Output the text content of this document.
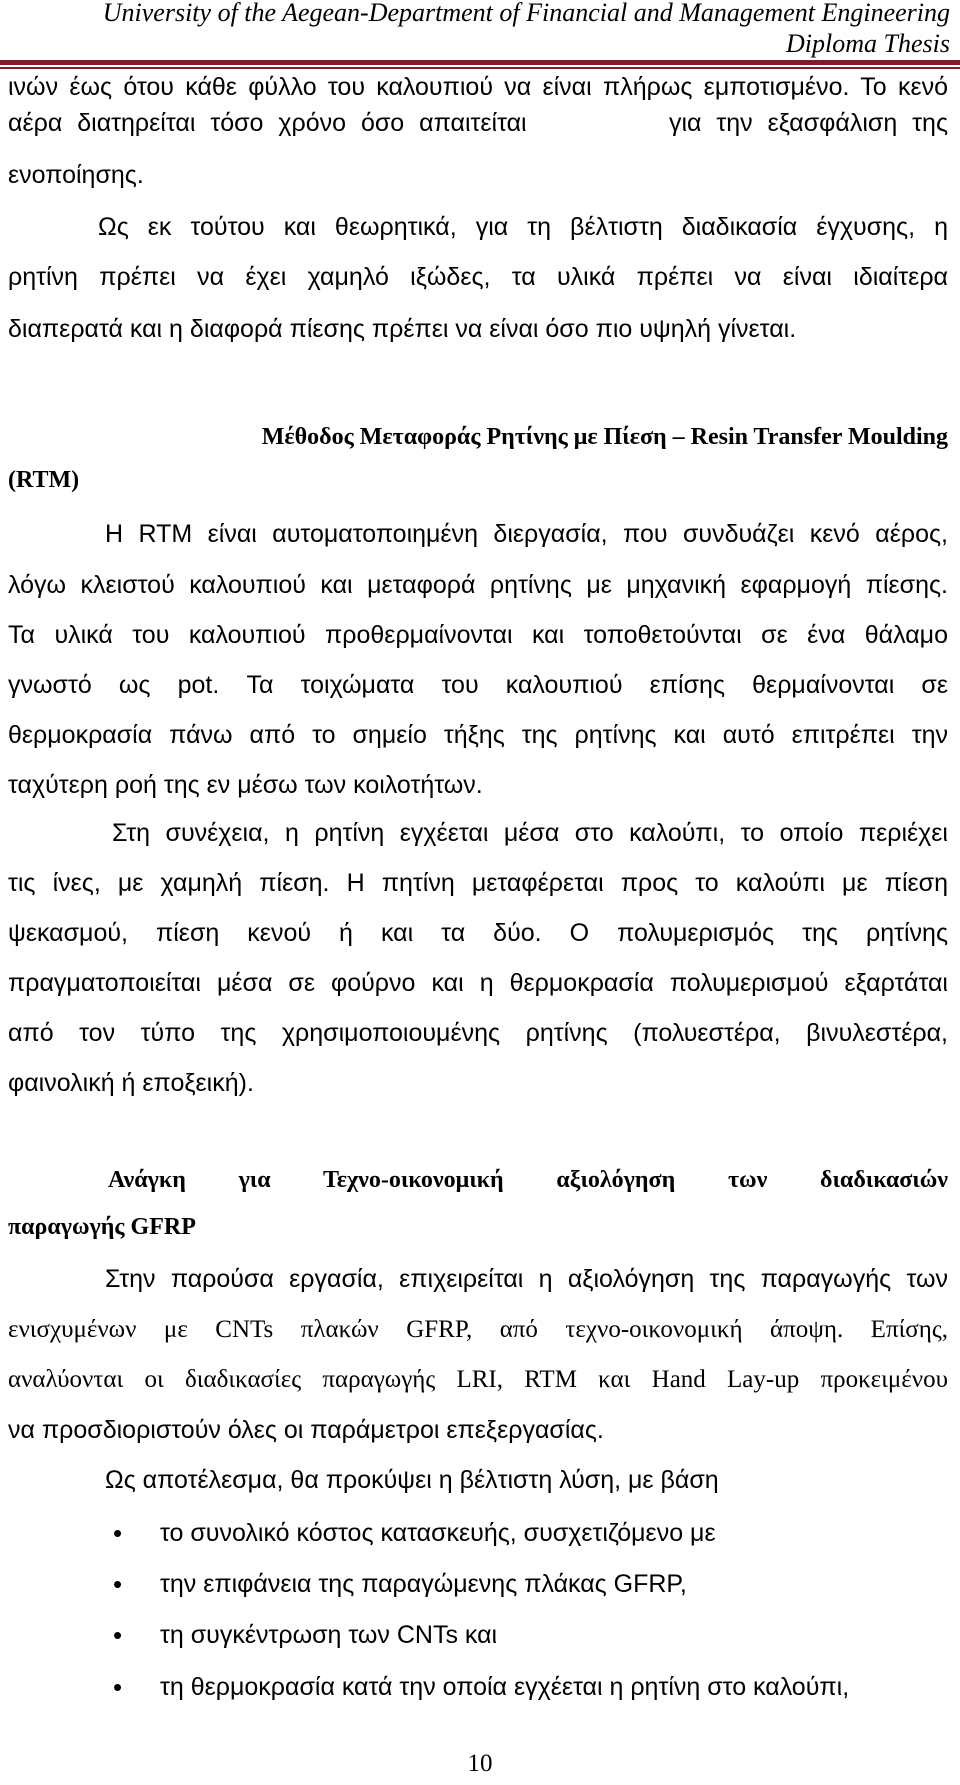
University of the Aegean-Department of Financial and Management Engineering
Diploma Thesis
ινών έως ότου κάθε φύλλο του καλουπιού να είναι πλήρως εμποτισμένο. Το κενό
αέρα διατηρείται τόσο χρόνο όσο απαιτείται	για την εξασφάλιση της
ενοποίησης.
Ως εκ τούτου και θεωρητικά, για τη βέλτιστη διαδικασία έγχυσης, η
ρητίνη πρέπει να έχει χαμηλό ιξώδες, τα υλικά πρέπει να είναι ιδιαίτερα
διαπερατά και η διαφορά πίεσης πρέπει να είναι όσο πιο υψηλή γίνεται.
Μέθοδος Μεταφοράς Ρητίνης με Πίεση – Resin Transfer Moulding
(RTM)
Η RTM είναι αυτοματοποιημένη διεργασία, που συνδυάζει κενό αέρος,
λόγω κλειστού καλουπιού και μεταφορά ρητίνης με μηχανική εφαρμογή πίεσης.
Τα υλικά του καλουπιού προθερμαίνονται και τοποθετούνται σε ένα θάλαμο
γνωστό ως pot. Τα τοιχώματα του καλουπιού επίσης θερμαίνονται σε
θερμοκρασία πάνω από το σημείο τήξης της ρητίνης και αυτό επιτρέπει την
ταχύτερη ροή της εν μέσω των κοιλοτήτων.
Στη συνέχεια, η ρητίνη εγχέεται μέσα στο καλούπι, το οποίο περιέχει
τις ίνες, με χαμηλή πίεση. Η πητίνη μεταφέρεται προς το καλούπι με πίεση
ψεκασμού, πίεση κενού ή και τα δύο. Ο πολυμερισμός της ρητίνης
πραγματοποιείται μέσα σε φούρνο και η θερμοκρασία πολυμερισμού εξαρτάται
από τον τύπο της χρησιμοποιουμένης ρητίνης (πολυεστέρα, βινυλεστέρα,
φαινολική ή εποξεική).
Ανάγκη για Τεχνο-οικονομική αξιολόγηση των διαδικασιών
παραγωγής GFRP
Στην παρούσα εργασία, επιχειρείται η αξιολόγηση της παραγωγής των
ενισχυμένων με CNTs πλακών GFRP, από τεχνο-οικονομική άποψη. Επίσης,
αναλύονται οι διαδικασίες παραγωγής LRI, RTM και Hand Lay-up προκειμένου
να προσδιοριστούν όλες οι παράμετροι επεξεργασίας.
Ως αποτέλεσμα, θα προκύψει η βέλτιστη λύση, με βάση
• το συνολικό κόστος κατασκευής, συσχετιζόμενο με
• την επιφάνεια της παραγώμενης πλάκας GFRP,
• τη συγκέντρωση των CNTs και
• τη θερμοκρασία κατά την οποία εγχέεται η ρητίνη στο καλούπι,
10
